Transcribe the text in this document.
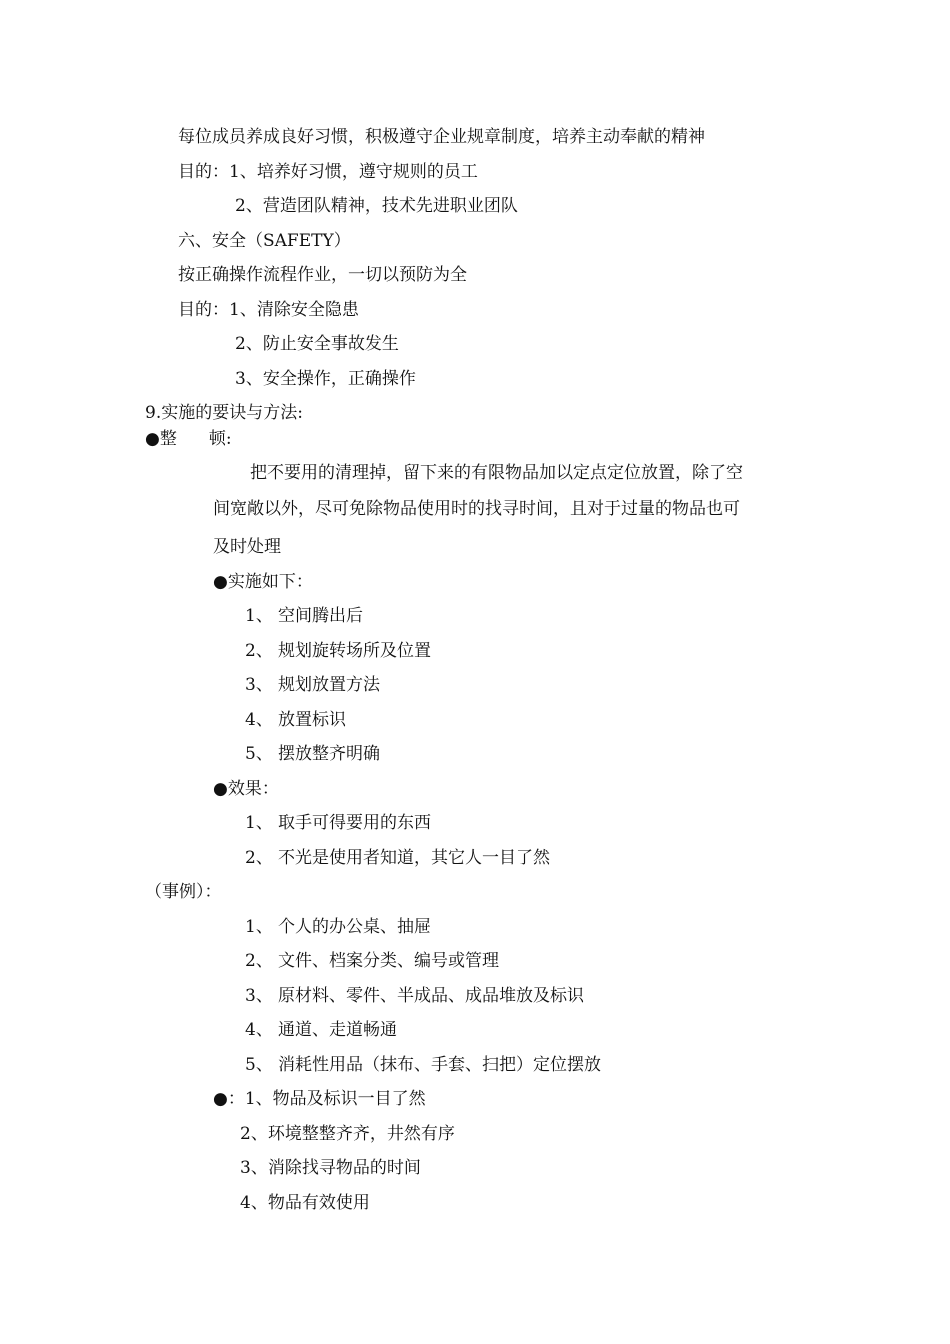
每位成员养成良好习惯，积极遵守企业规章制度，培养主动奉献的精神
目的：1、培养好习惯，遵守规则的员工
2、营造团队精神，技术先进职业团队
六、安全（SAFETY）
按正确操作流程作业，一切以预防为全
目的：1、清除安全隐患
2、防止安全事故发生
3、安全操作，正确操作
9.实施的要诀与方法:
●整 顿:
把不要用的清理掉，留下来的有限物品加以定点定位放置，除了空
间宽敞以外，尽可免除物品使用时的找寻时间，且对于过量的物品也可
及时处理
●实施如下：
1、 空间腾出后
2、 规划旋转场所及位置
3、 规划放置方法
4、 放置标识
5、 摆放整齐明确
●效果：
1、 取手可得要用的东西
2、 不光是使用者知道，其它人一目了然
（事例）：
1、 个人的办公桌、抽屉
2、 文件、档案分类、编号或管理
3、 原材料、零件、半成品、成品堆放及标识
4、 通道、走道畅通
5、 消耗性用品（抹布、手套、扫把）定位摆放
●：1、物品及标识一目了然
2、环境整整齐齐，井然有序
3、消除找寻物品的时间
4、物品有效使用
